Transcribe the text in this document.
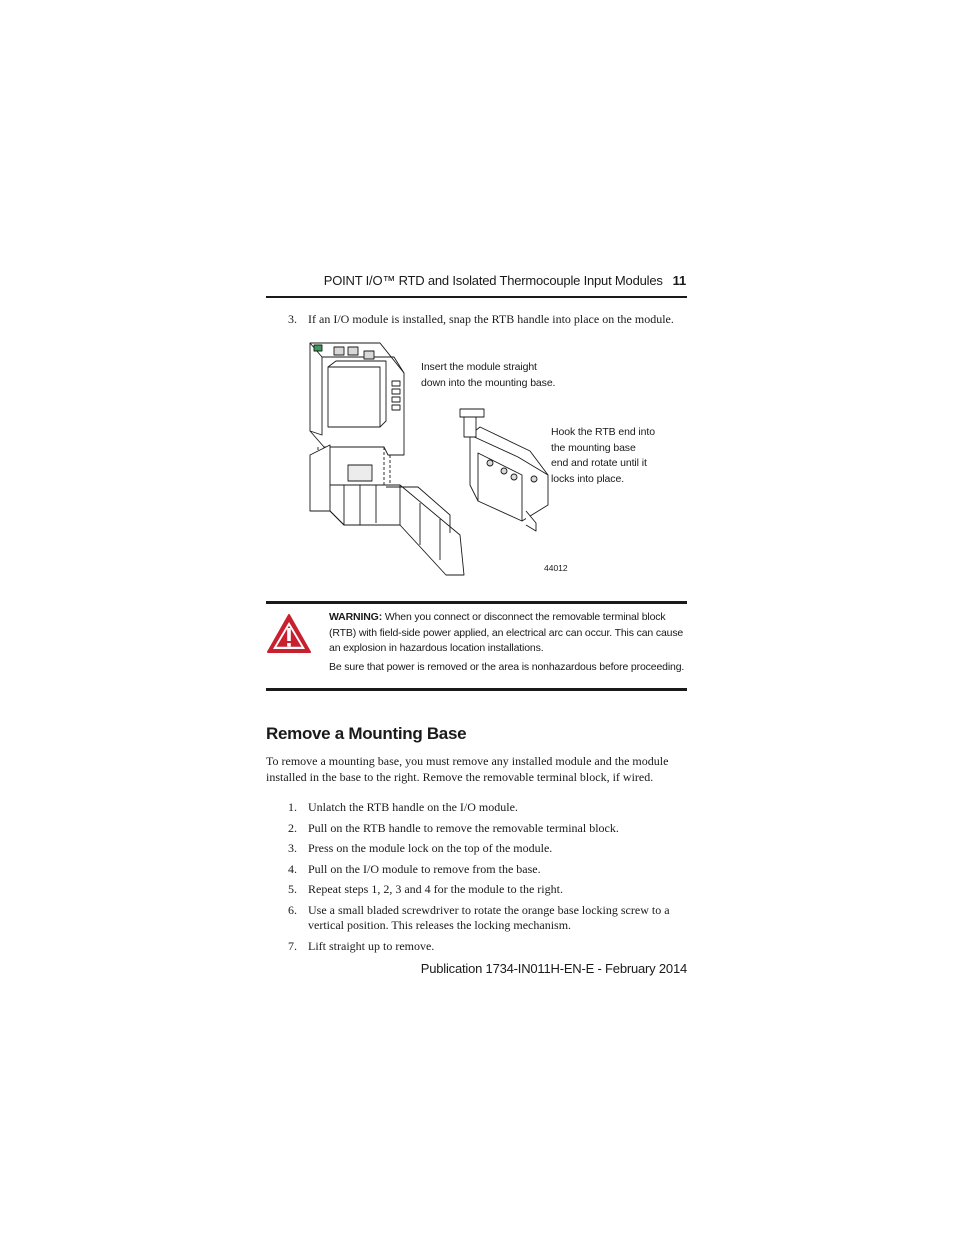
POINT I/O™ RTD and Isolated Thermocouple Input Modules 11
3. If an I/O module is installed, snap the RTB handle into place on the module.
Insert the module straight
down into the mounting base.
Hook the RTB end into
the mounting base
end and rotate until it
locks into place.
44012

WARNING: When you connect or disconnect the removable terminal block (RTB) with field-side power applied, an electrical arc can occur. This can cause an explosion in hazardous location installations.

Be sure that power is removed or the area is nonhazardous before proceeding.

Remove a Mounting Base
To remove a mounting base, you must remove any installed module and the module installed in the base to the right. Remove the removable terminal block, if wired.
1. Unlatch the RTB handle on the I/O module.
2. Pull on the RTB handle to remove the removable terminal block.
3. Press on the module lock on the top of the module.
4. Pull on the I/O module to remove from the base.
5. Repeat steps 1, 2, 3 and 4 for the module to the right.
6. Use a small bladed screwdriver to rotate the orange base locking screw to a vertical position. This releases the locking mechanism.
7. Lift straight up to remove.
Publication 1734-IN011H-EN-E - February 2014
